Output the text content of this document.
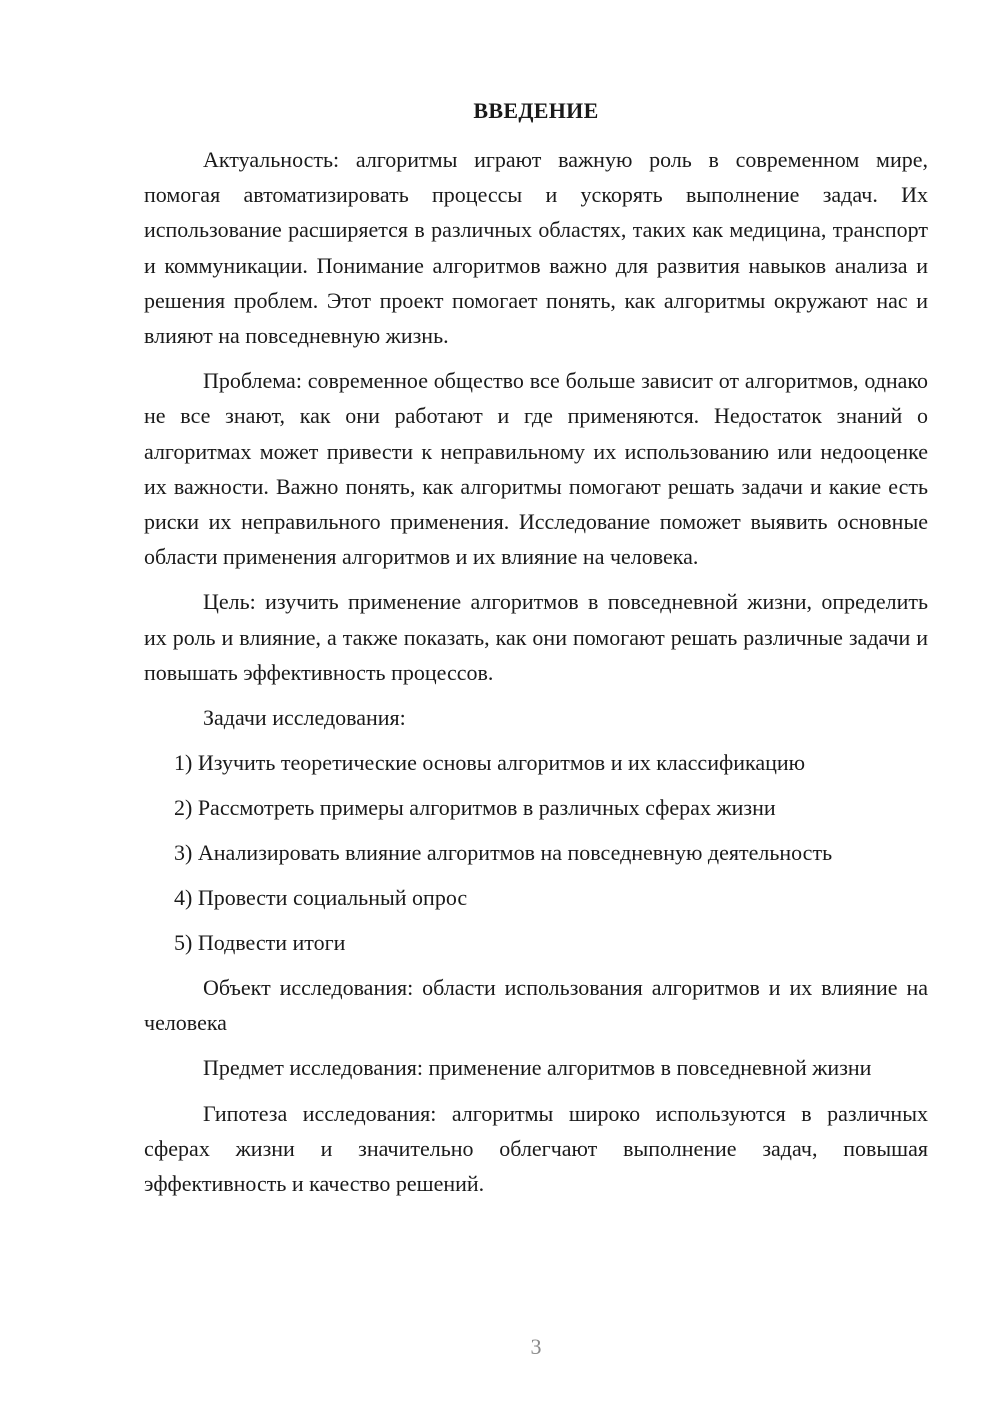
ВВЕДЕНИЕ

Актуальность: алгоритмы играют важную роль в современном мире, помогая автоматизировать процессы и ускорять выполнение задач. Их использование расширяется в различных областях, таких как медицина, транспорт и коммуникации. Понимание алгоритмов важно для развития навыков анализа и решения проблем. Этот проект помогает понять, как алгоритмы окружают нас и влияют на повседневную жизнь.

Проблема: современное общество все больше зависит от алгоритмов, однако не все знают, как они работают и где применяются. Недостаток знаний о алгоритмах может привести к неправильному их использованию или недооценке их важности. Важно понять, как алгоритмы помогают решать задачи и какие есть риски их неправильного применения. Исследование поможет выявить основные области применения алгоритмов и их влияние на человека.

Цель: изучить применение алгоритмов в повседневной жизни, определить их роль и влияние, а также показать, как они помогают решать различные задачи и повышать эффективность процессов.

Задачи исследования:

1) Изучить теоретические основы алгоритмов и их классификацию
2) Рассмотреть примеры алгоритмов в различных сферах жизни
3) Анализировать влияние алгоритмов на повседневную деятельность
4) Провести социальный опрос
5) Подвести итоги

Объект исследования: области использования алгоритмов и их влияние на человека

Предмет исследования: применение алгоритмов в повседневной жизни

Гипотеза исследования: алгоритмы широко используются в различных сферах жизни и значительно облегчают выполнение задач, повышая эффективность и качество решений.

3
